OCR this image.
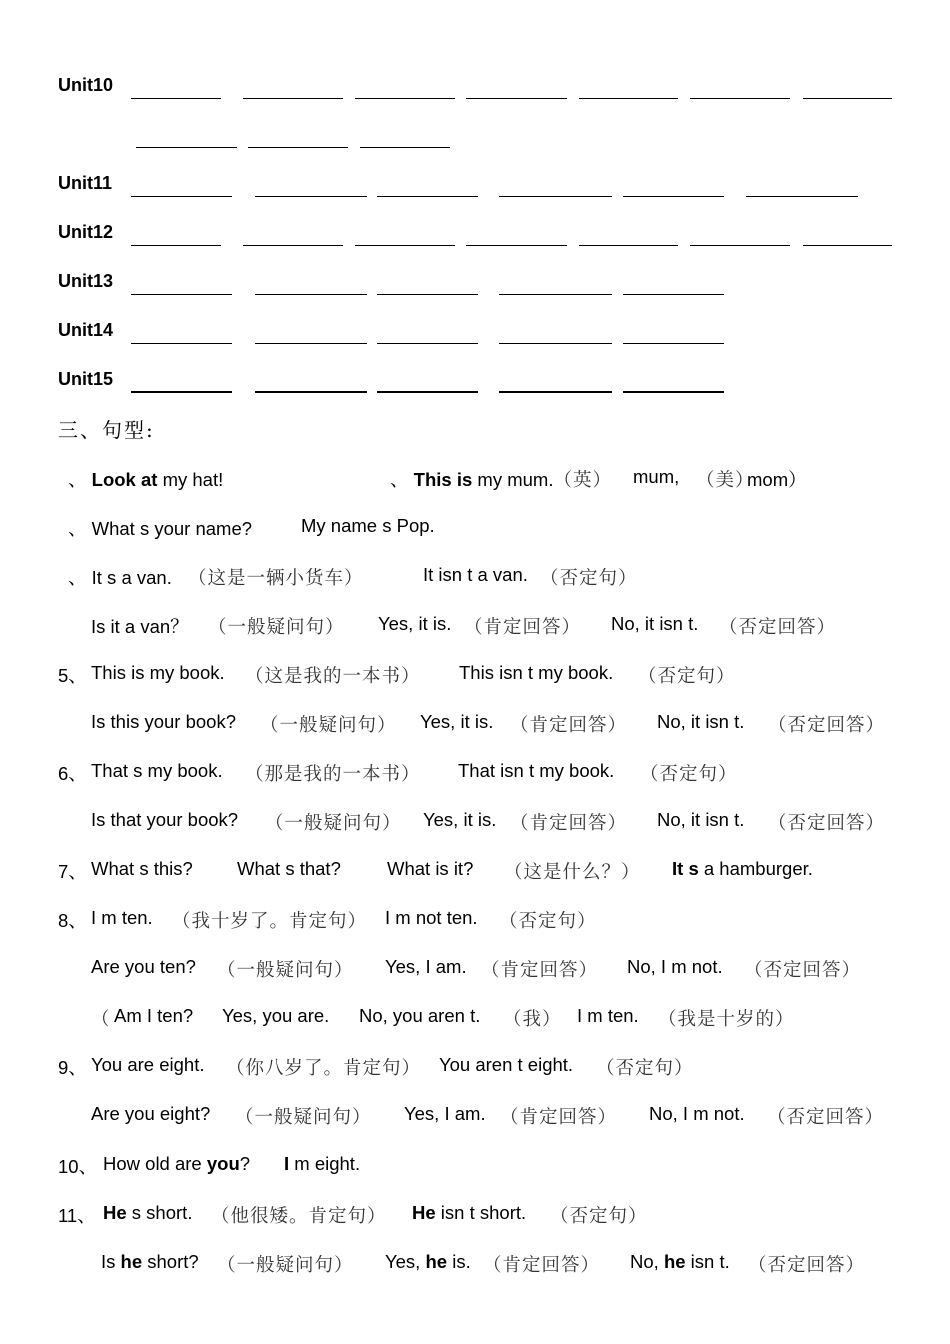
Unit10
Unit11
Unit12
Unit13
Unit14
Unit15
三、句型:
、 Look at my hat!	、 This is my mum.（英） mum, （美）
mom）
、 What s your name?	My name s Pop.
、 It s a van. （这是一辆小货车）	It isn t a van. （否定句）
Is it a van？ （一般疑问句） Yes, it is. （肯定回答） No, it isn t. （否定回答）
5、 This is my book. （这是我的一本书） This isn t my book. （否定句）
Is this your book? （一般疑问句） Yes, it is. （肯定回答） No, it isn t. （否定回答）
6、 That s my book. （那是我的一本书） That isn t my book. （否定句）
Is that your book? （一般疑问句） Yes, it is. （肯定回答） No, it isn t. （否定回答）
7、 What s this? What s that? What is it? （这是什么？） It s a hamburger.
8、 I m ten. （我十岁了。肯定句） I m not ten. （否定句）
Are you ten? （一般疑问句） Yes, I am. （肯定回答） No, I m not. （否定回答）
（ Am I ten? Yes, you are. No, you aren t. （我） I m ten. （我是十岁的）
9、 You are eight. （你八岁了。肯定句） You aren t eight. （否定句）
Are you eight? （一般疑问句） Yes, I am. （肯定回答） No, I m not. （否定回答）
10、 How old are you? I m eight.
11、 He s short. （他很矮。肯定句） He isn t short. （否定句）
Is he short? （一般疑问句） Yes, he is. （肯定回答） No, he isn t. （否定回答）
